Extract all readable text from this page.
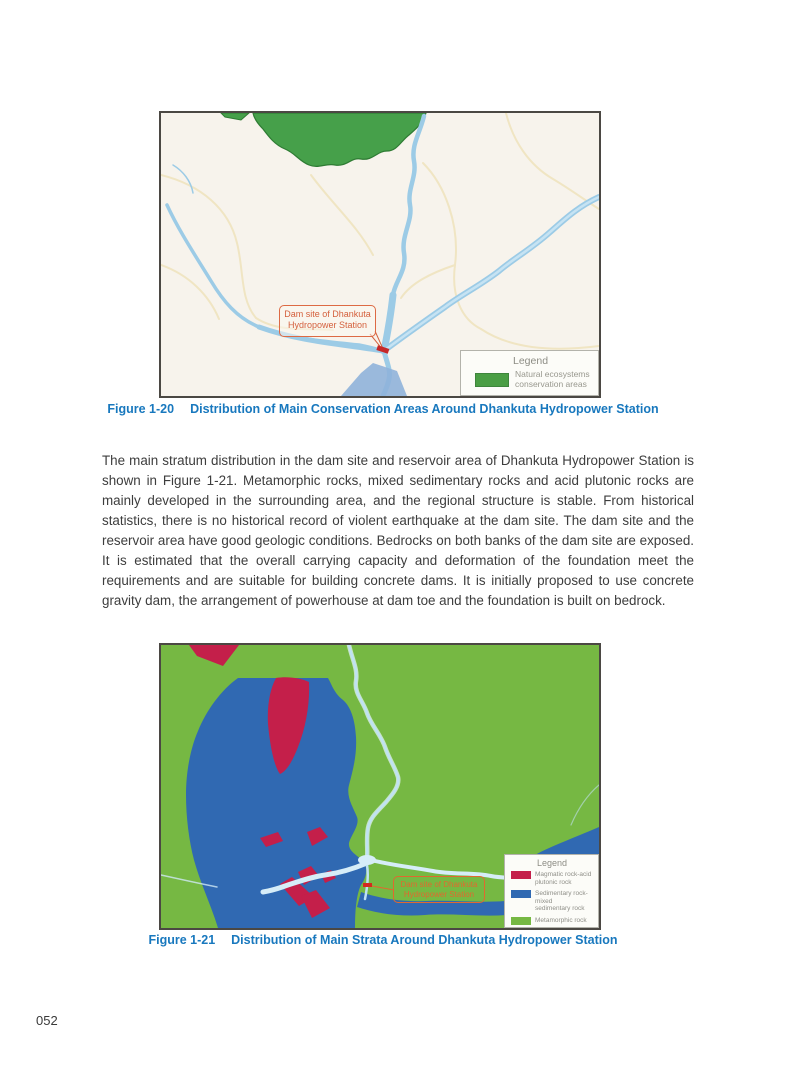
Dam site of Dhankuta
Hydropower Station
Legend
Natural ecosystems
conservation areas
Figure 1-20 Distribution of Main Conservation Areas Around Dhankuta Hydropower Station
The main stratum distribution in the dam site and reservoir area of Dhankuta Hydropower Station is shown in Figure 1-21. Metamorphic rocks, mixed sedimentary rocks and acid plutonic rocks are mainly developed in the surrounding area, and the regional structure is stable. From historical statistics, there is no historical record of violent earthquake at the dam site. The dam site and the reservoir area have good geologic conditions. Bedrocks on both banks of the dam site are exposed. It is estimated that the overall carrying capacity and deformation of the foundation meet the requirements and are suitable for building concrete dams. It is initially proposed to use concrete gravity dam, the arrangement of powerhouse at dam toe and the foundation is built on bedrock.
Dam site of Dhankuta
Hydropower Station
Legend
Magmatic rock-acid
plutonic rock
Sedimentary rock-mixed
sedimentary rock
Metamorphic rock
Figure 1-21 Distribution of Main Strata Around Dhankuta Hydropower Station
052
